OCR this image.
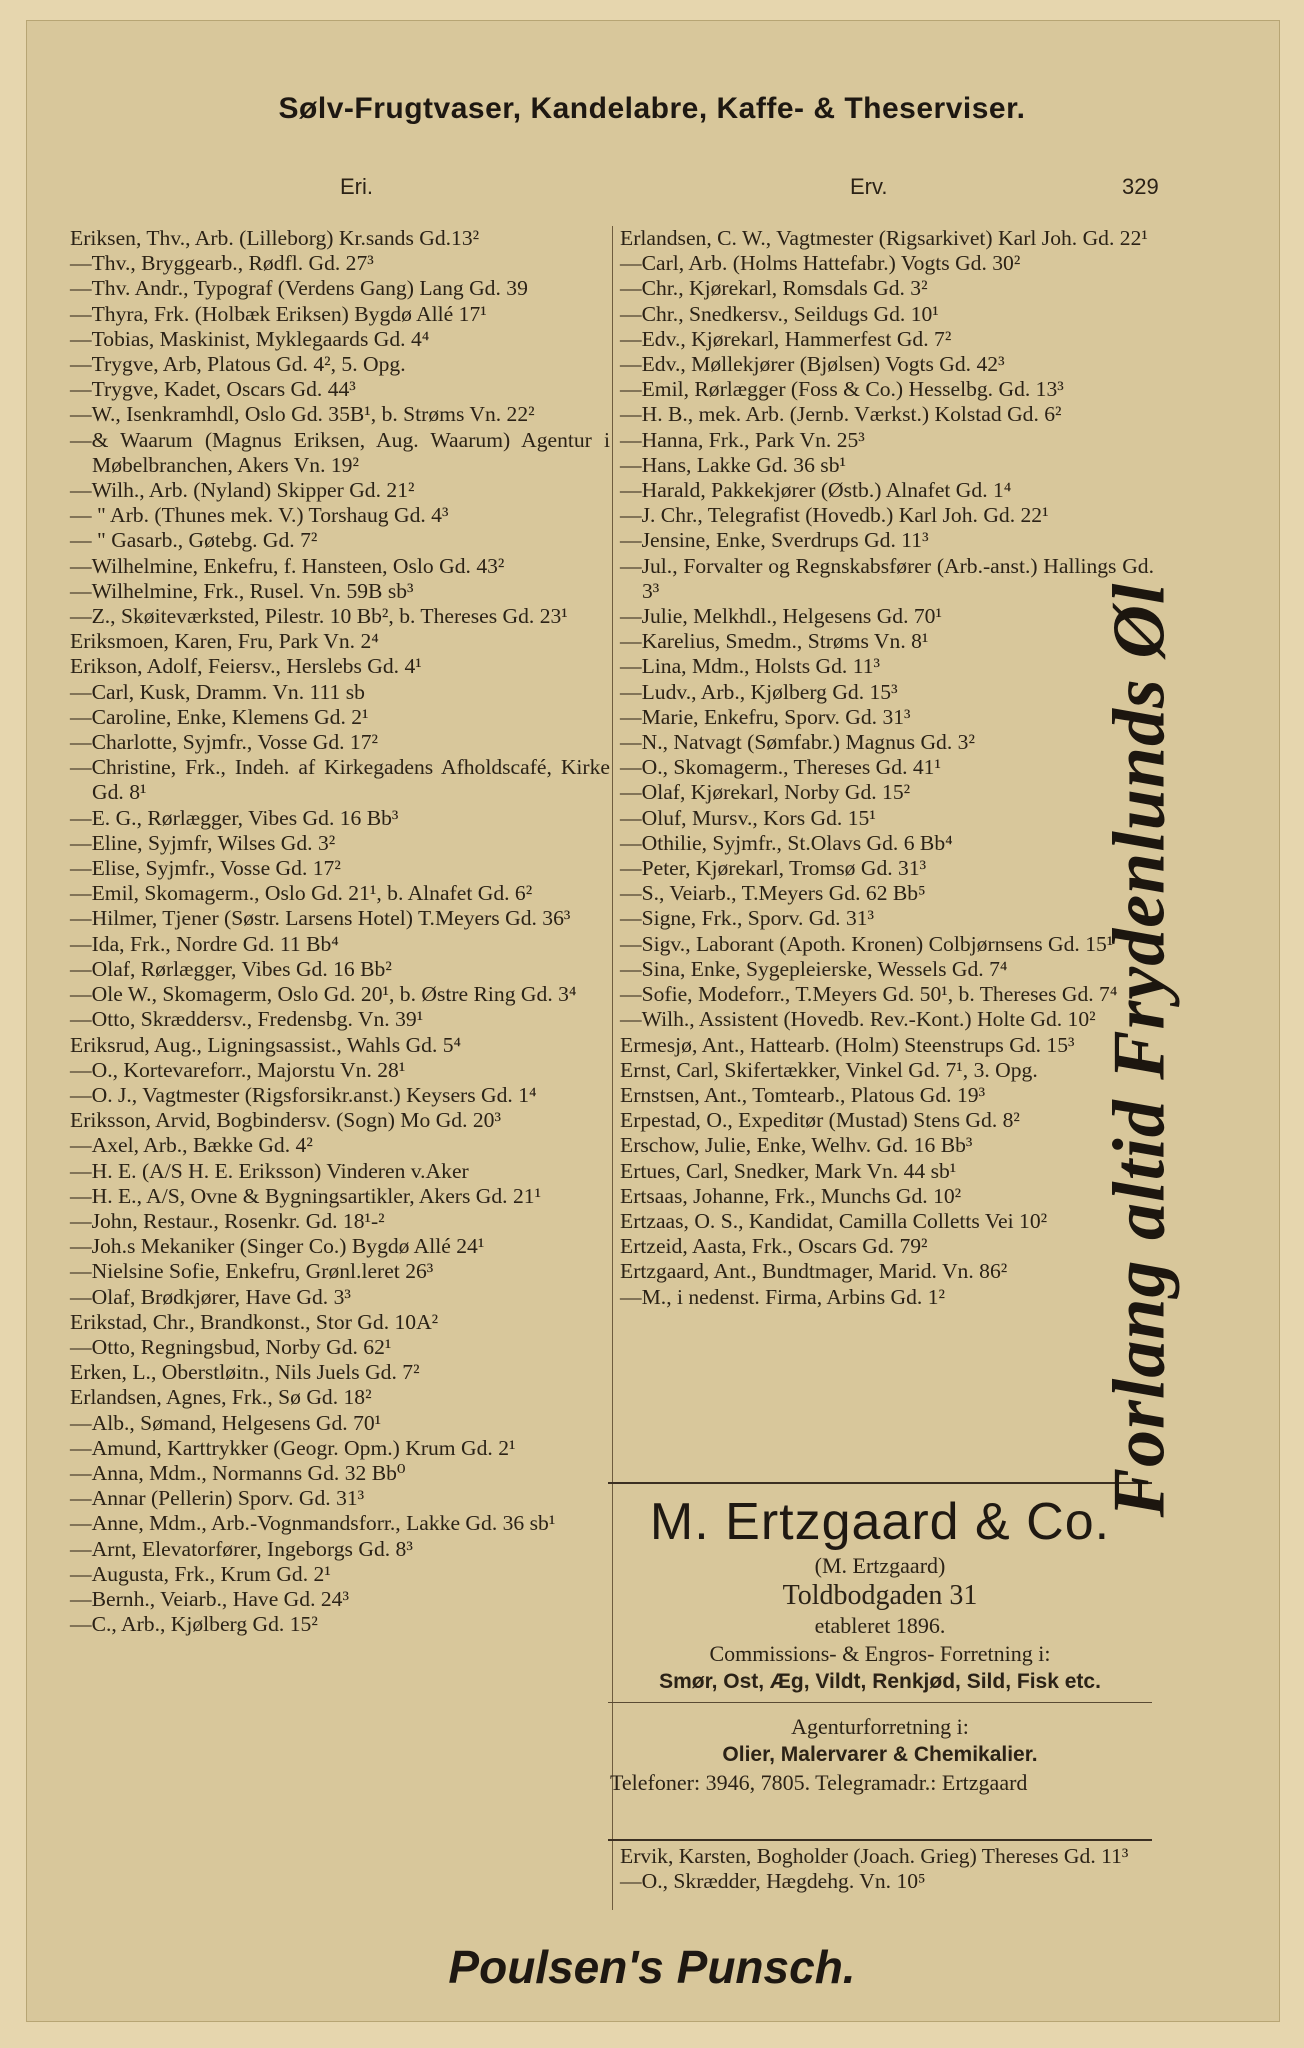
Sølv-Frugtvaser, Kandelabre, Kaffe- & Theserviser.
Eri.	Erv.	329

Eriksen, Thv., Arb. (Lilleborg) Kr.sands Gd.13²

—Thv., Bryggearb., Rødfl. Gd. 27³

—Thv. Andr., Typograf (Verdens Gang) Lang Gd. 39

—Thyra, Frk. (Holbæk Eriksen) Bygdø Allé 17¹

—Tobias, Maskinist, Myklegaards Gd. 4⁴

—Trygve, Arb, Platous Gd. 4², 5. Opg.

—Trygve, Kadet, Oscars Gd. 44³

—W., Isenkramhdl, Oslo Gd. 35B¹, b. Strøms Vn. 22²

—& Waarum (Magnus Eriksen, Aug. Waarum) Agentur i Møbelbranchen, Akers Vn. 19²

—Wilh., Arb. (Nyland) Skipper Gd. 21²

— " Arb. (Thunes mek. V.) Torshaug Gd. 4³

— " Gasarb., Gøtebg. Gd. 7²

—Wilhelmine, Enkefru, f. Hansteen, Oslo Gd. 43²

—Wilhelmine, Frk., Rusel. Vn. 59B sb³

—Z., Skøiteværksted, Pilestr. 10 Bb², b. Thereses Gd. 23¹

Eriksmoen, Karen, Fru, Park Vn. 2⁴

Erikson, Adolf, Feiersv., Herslebs Gd. 4¹

—Carl, Kusk, Dramm. Vn. 111 sb

—Caroline, Enke, Klemens Gd. 2¹

—Charlotte, Syjmfr., Vosse Gd. 17²

—Christine, Frk., Indeh. af Kirkegadens Afholdscafé, Kirke Gd. 8¹

—E. G., Rørlægger, Vibes Gd. 16 Bb³

—Eline, Syjmfr, Wilses Gd. 3²

—Elise, Syjmfr., Vosse Gd. 17²

—Emil, Skomagerm., Oslo Gd. 21¹, b. Alnafet Gd. 6²

—Hilmer, Tjener (Søstr. Larsens Hotel) T.Meyers Gd. 36³

—Ida, Frk., Nordre Gd. 11 Bb⁴

—Olaf, Rørlægger, Vibes Gd. 16 Bb²

—Ole W., Skomagerm, Oslo Gd. 20¹, b. Østre Ring Gd. 3⁴

—Otto, Skræddersv., Fredensbg. Vn. 39¹

Eriksrud, Aug., Ligningsassist., Wahls Gd. 5⁴

—O., Kortevareforr., Majorstu Vn. 28¹

—O. J., Vagtmester (Rigsforsikr.anst.) Keysers Gd. 1⁴

Eriksson, Arvid, Bogbindersv. (Sogn) Mo Gd. 20³

—Axel, Arb., Bække Gd. 4²

—H. E. (A/S H. E. Eriksson) Vinderen v.Aker

—H. E., A/S, Ovne & Bygningsartikler, Akers Gd. 21¹

—John, Restaur., Rosenkr. Gd. 18¹-²

—Joh.s Mekaniker (Singer Co.) Bygdø Allé 24¹

—Nielsine Sofie, Enkefru, Grønl.leret 26³

—Olaf, Brødkjører, Have Gd. 3³

Erikstad, Chr., Brandkonst., Stor Gd. 10A²

—Otto, Regningsbud, Norby Gd. 62¹

Erken, L., Oberstløitn., Nils Juels Gd. 7²

Erlandsen, Agnes, Frk., Sø Gd. 18²

—Alb., Sømand, Helgesens Gd. 70¹

—Amund, Karttrykker (Geogr. Opm.) Krum Gd. 2¹

—Anna, Mdm., Normanns Gd. 32 Bb⁰

—Annar (Pellerin) Sporv. Gd. 31³

—Anne, Mdm., Arb.-Vognmandsforr., Lakke Gd. 36 sb¹

—Arnt, Elevatorfører, Ingeborgs Gd. 8³

—Augusta, Frk., Krum Gd. 2¹

—Bernh., Veiarb., Have Gd. 24³

—C., Arb., Kjølberg Gd. 15²

Erlandsen, C. W., Vagtmester (Rigsarkivet) Karl Joh. Gd. 22¹

—Carl, Arb. (Holms Hattefabr.) Vogts Gd. 30²

—Chr., Kjørekarl, Romsdals Gd. 3²

—Chr., Snedkersv., Seildugs Gd. 10¹

—Edv., Kjørekarl, Hammerfest Gd. 7²

—Edv., Møllekjører (Bjølsen) Vogts Gd. 42³

—Emil, Rørlægger (Foss & Co.) Hesselbg. Gd. 13³

—H. B., mek. Arb. (Jernb. Værkst.) Kolstad Gd. 6²

—Hanna, Frk., Park Vn. 25³

—Hans, Lakke Gd. 36 sb¹

—Harald, Pakkekjører (Østb.) Alnafet Gd. 1⁴

—J. Chr., Telegrafist (Hovedb.) Karl Joh. Gd. 22¹

—Jensine, Enke, Sverdrups Gd. 11³

—Jul., Forvalter og Regnskabsfører (Arb.-anst.) Hallings Gd. 3³

—Julie, Melkhdl., Helgesens Gd. 70¹

—Karelius, Smedm., Strøms Vn. 8¹

—Lina, Mdm., Holsts Gd. 11³

—Ludv., Arb., Kjølberg Gd. 15³

—Marie, Enkefru, Sporv. Gd. 31³

—N., Natvagt (Sømfabr.) Magnus Gd. 3²

—O., Skomagerm., Thereses Gd. 41¹

—Olaf, Kjørekarl, Norby Gd. 15²

—Oluf, Mursv., Kors Gd. 15¹

—Othilie, Syjmfr., St.Olavs Gd. 6 Bb⁴

—Peter, Kjørekarl, Tromsø Gd. 31³

—S., Veiarb., T.Meyers Gd. 62 Bb⁵

—Signe, Frk., Sporv. Gd. 31³

—Sigv., Laborant (Apoth. Kronen) Colbjørnsens Gd. 15¹

—Sina, Enke, Sygepleierske, Wessels Gd. 7⁴

—Sofie, Modeforr., T.Meyers Gd. 50¹, b. Thereses Gd. 7⁴

—Wilh., Assistent (Hovedb. Rev.-Kont.) Holte Gd. 10²

Ermesjø, Ant., Hattearb. (Holm) Steenstrups Gd. 15³

Ernst, Carl, Skifertækker, Vinkel Gd. 7¹, 3. Opg.

Ernstsen, Ant., Tomtearb., Platous Gd. 19³

Erpestad, O., Expeditør (Mustad) Stens Gd. 8²

Erschow, Julie, Enke, Welhv. Gd. 16 Bb³

Ertues, Carl, Snedker, Mark Vn. 44 sb¹

Ertsaas, Johanne, Frk., Munchs Gd. 10²

Ertzaas, O. S., Kandidat, Camilla Colletts Vei 10²

Ertzeid, Aasta, Frk., Oscars Gd. 79²

Ertzgaard, Ant., Bundtmager, Marid. Vn. 86²

—M., i nedenst. Firma, Arbins Gd. 1²

M. Ertzgaard & Co.
(M. Ertzgaard)
Toldbodgaden 31
etableret 1896.
Commissions- & Engros- Forretning i:
Smør, Ost, Æg, Vildt, Renkjød, Sild, Fisk etc.
Agenturforretning i:
Olier, Malervarer & Chemikalier.
Telefoner: 3946, 7805. Telegramadr.: Ertzgaard

Ervik, Karsten, Bogholder (Joach. Grieg) Thereses Gd. 11³

—O., Skrædder, Hægdehg. Vn. 10⁵

Forlang altid Frydenlunds Øl
Poulsen's Punsch.
